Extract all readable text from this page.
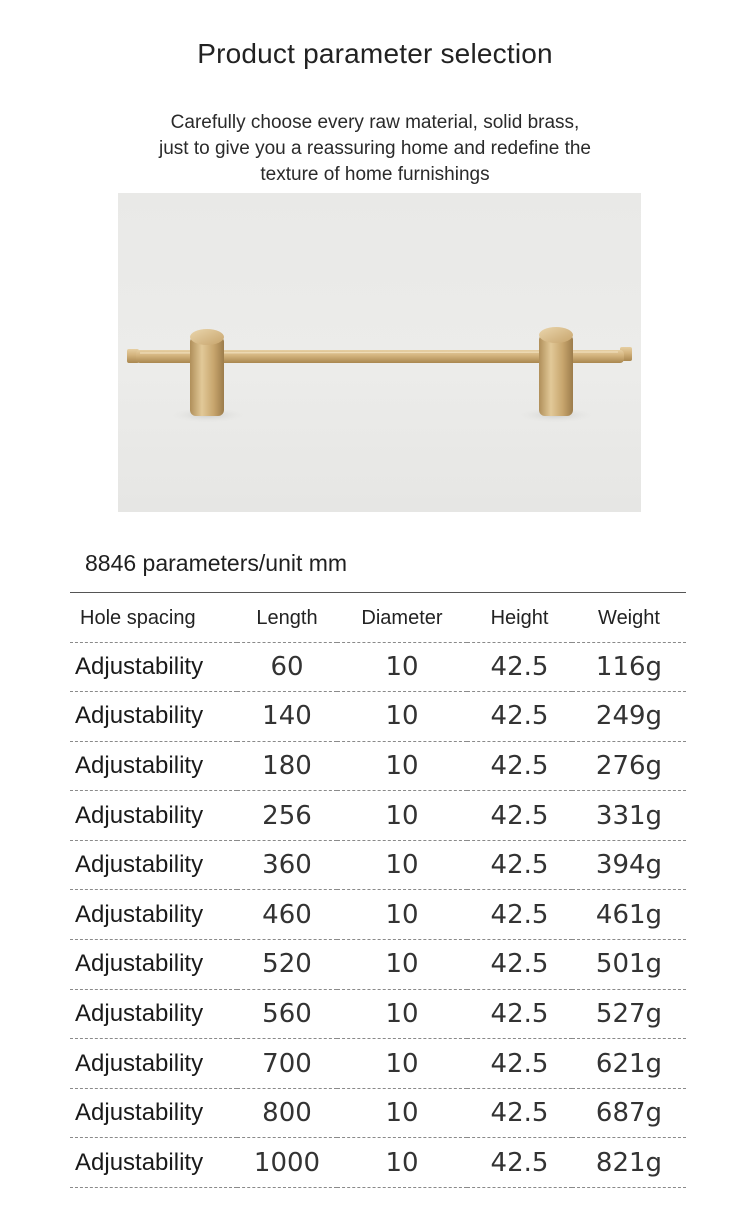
Product parameter selection
Carefully choose every raw material, solid brass,
just to give you a reassuring home and redefine the
texture of home furnishings
8846 parameters/unit mm
Hole spacing	Length	Diameter	Height	Weight
Adjustability	60	10	42.5	116g
Adjustability	140	10	42.5	249g
Adjustability	180	10	42.5	276g
Adjustability	256	10	42.5	331g
Adjustability	360	10	42.5	394g
Adjustability	460	10	42.5	461g
Adjustability	520	10	42.5	501g
Adjustability	560	10	42.5	527g
Adjustability	700	10	42.5	621g
Adjustability	800	10	42.5	687g
Adjustability	1000	10	42.5	821g
